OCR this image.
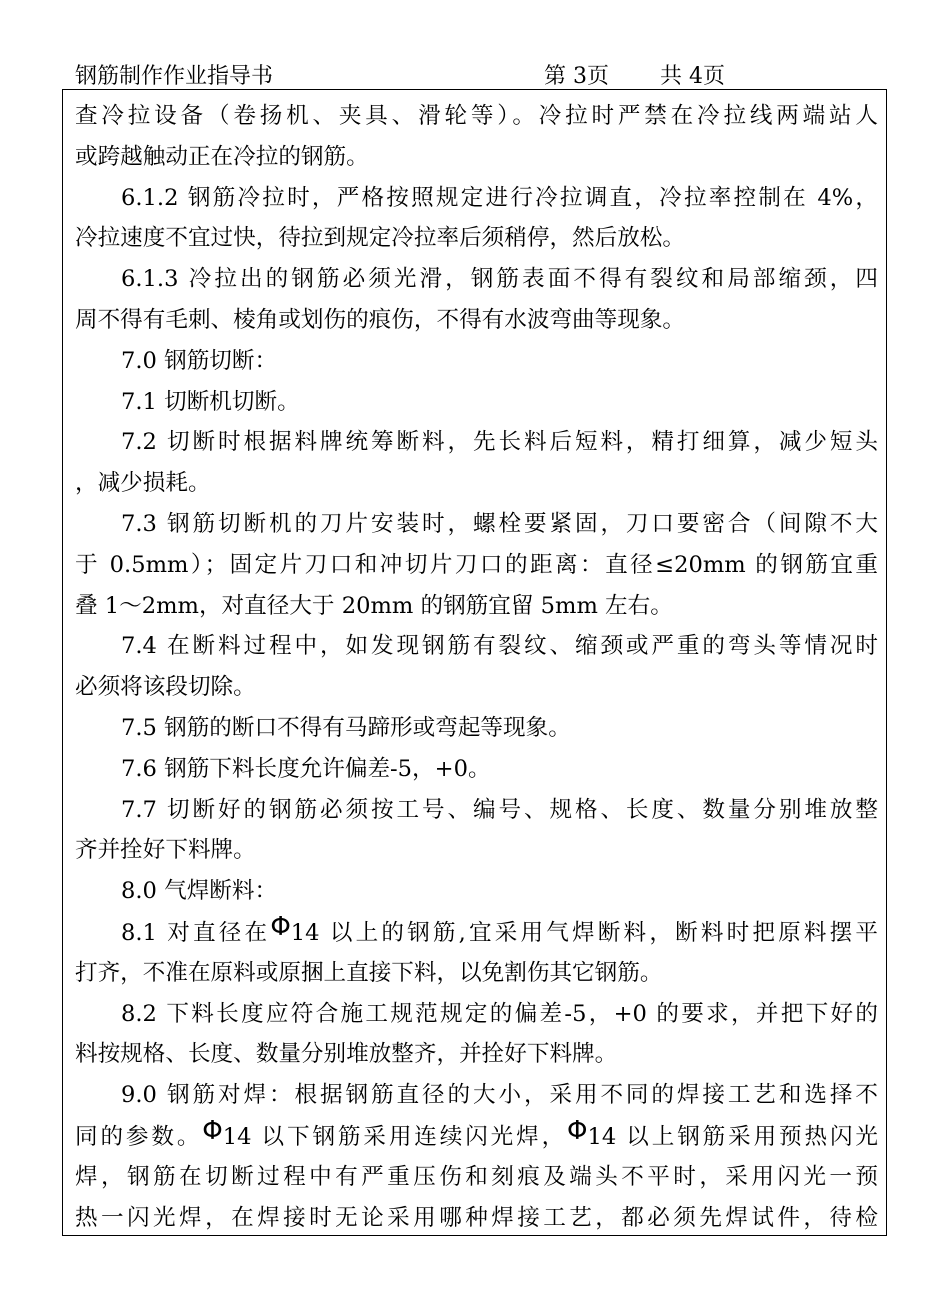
钢筋制作作业指导书	第 3页 共 4页
查冷拉设备（卷扬机、夹具、滑轮等）。冷拉时严禁在冷拉线两端站人
或跨越触动正在冷拉的钢筋。
6.1.2 钢筋冷拉时，严格按照规定进行冷拉调直，冷拉率控制在 4%，
冷拉速度不宜过快，待拉到规定冷拉率后须稍停，然后放松。
6.1.3 冷拉出的钢筋必须光滑，钢筋表面不得有裂纹和局部缩颈，四
周不得有毛刺、棱角或划伤的痕伤，不得有水波弯曲等现象。
7.0 钢筋切断：
7.1 切断机切断。
7.2 切断时根据料牌统筹断料，先长料后短料，精打细算，减少短头
，减少损耗。
7.3 钢筋切断机的刀片安装时，螺栓要紧固，刀口要密合（间隙不大
于 0.5mm）；固定片刀口和冲切片刀口的距离：直径≤20mm 的钢筋宜重
叠 1～2mm，对直径大于 20mm 的钢筋宜留 5mm 左右。
7.4 在断料过程中，如发现钢筋有裂纹、缩颈或严重的弯头等情况时
必须将该段切除。
7.5 钢筋的断口不得有马蹄形或弯起等现象。
7.6 钢筋下料长度允许偏差-5，+0。
7.7 切断好的钢筋必须按工号、编号、规格、长度、数量分别堆放整
齐并拴好下料牌。
8.0 气焊断料：
8.1 对直径在Φ14 以上的钢筋,宜采用气焊断料，断料时把原料摆平
打齐，不准在原料或原捆上直接下料，以免割伤其它钢筋。
8.2 下料长度应符合施工规范规定的偏差-5，+0 的要求，并把下好的
料按规格、长度、数量分别堆放整齐，并拴好下料牌。
9.0 钢筋对焊：根据钢筋直径的大小，采用不同的焊接工艺和选择不
同的参数。Φ14 以下钢筋采用连续闪光焊，Φ14 以上钢筋采用预热闪光
焊，钢筋在切断过程中有严重压伤和刻痕及端头不平时，采用闪光一预
热一闪光焊，在焊接时无论采用哪种焊接工艺，都必须先焊试件，待检
